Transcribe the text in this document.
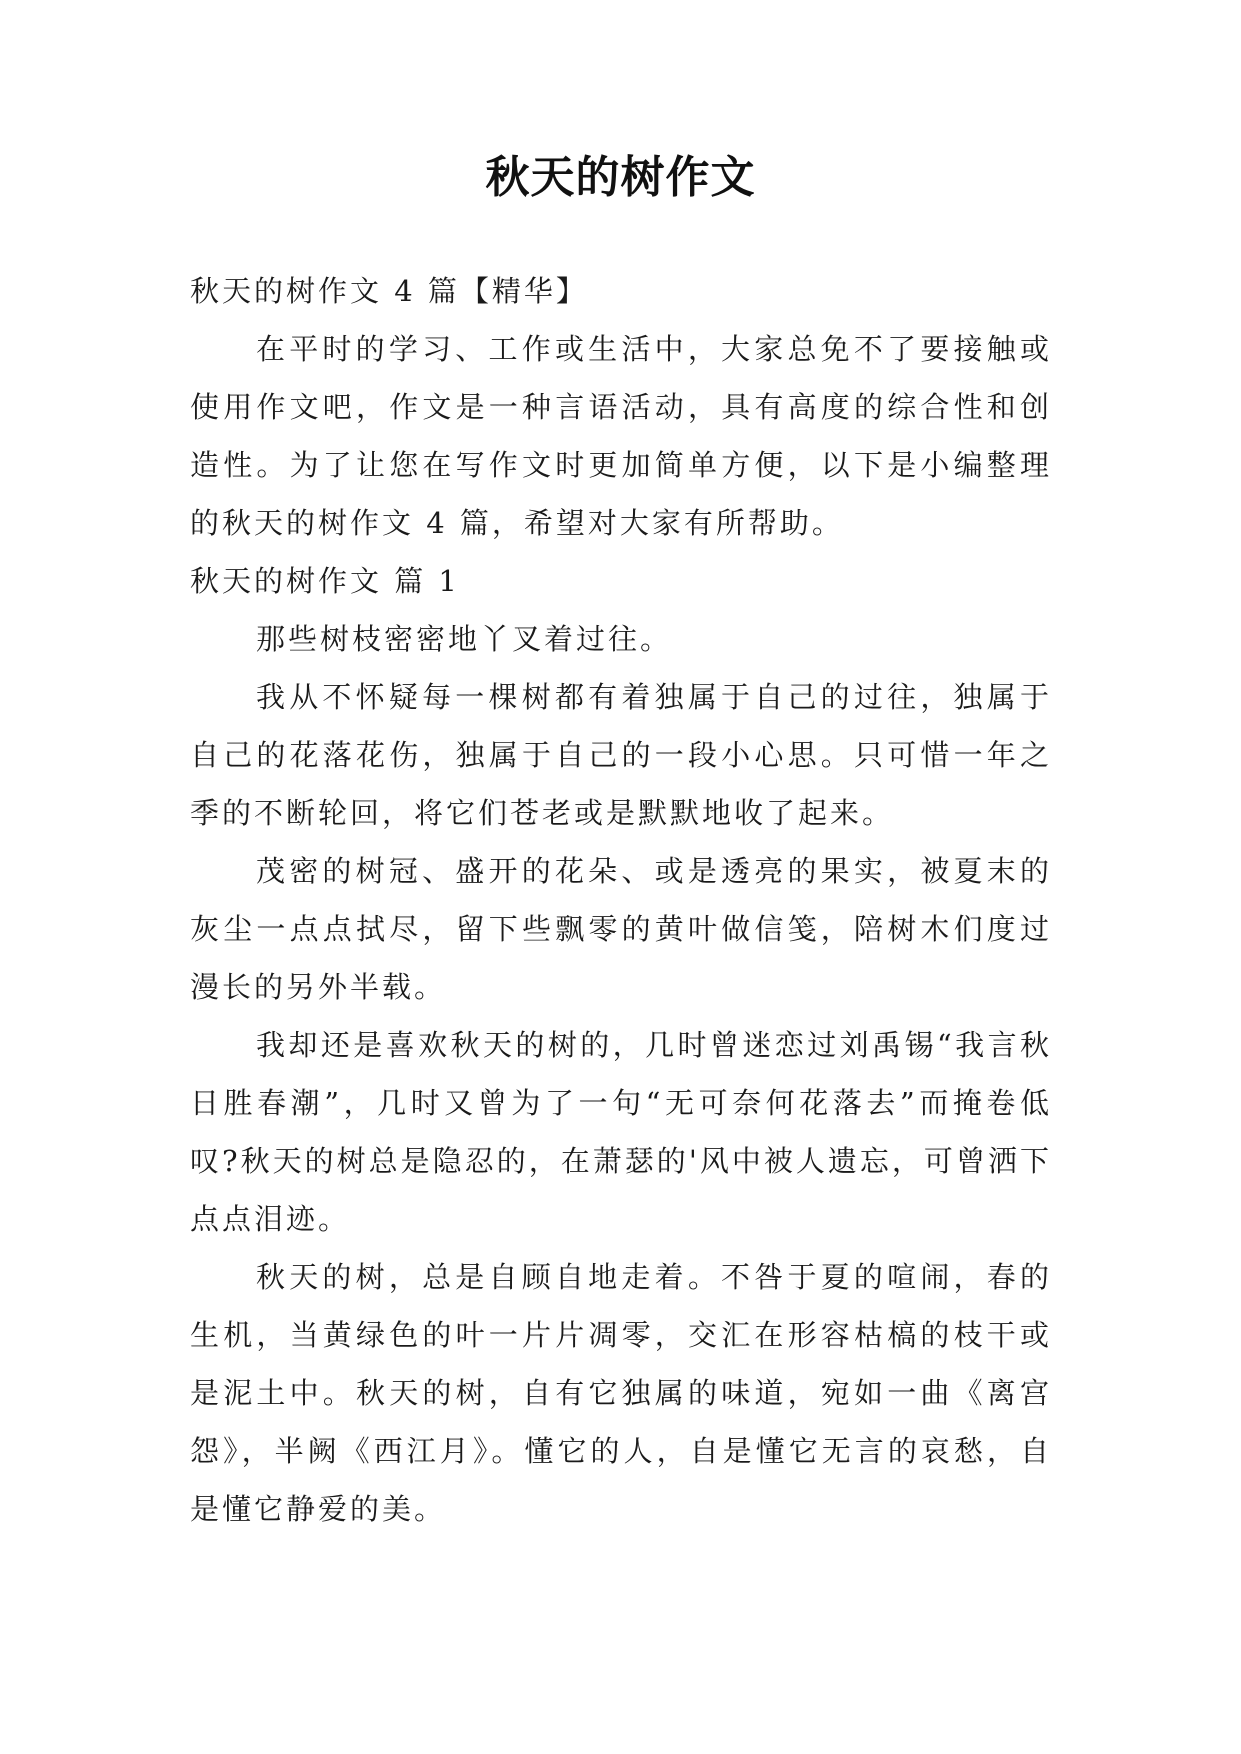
秋天的树作文

秋天的树作文 4 篇【精华】

在平时的学习、工作或生活中，大家总免不了要接触或使用作文吧，作文是一种言语活动，具有高度的综合性和创造性。为了让您在写作文时更加简单方便，以下是小编整理的秋天的树作文 4 篇，希望对大家有所帮助。

秋天的树作文 篇 1

那些树枝密密地丫叉着过往。

我从不怀疑每一棵树都有着独属于自己的过往，独属于自己的花落花伤，独属于自己的一段小心思。只可惜一年之季的不断轮回，将它们苍老或是默默地收了起来。

茂密的树冠、盛开的花朵、或是透亮的果实，被夏末的灰尘一点点拭尽，留下些飘零的黄叶做信笺，陪树木们度过漫长的另外半载。

我却还是喜欢秋天的树的，几时曾迷恋过刘禹锡“我言秋日胜春潮”，几时又曾为了一句“无可奈何花落去”而掩卷低叹?秋天的树总是隐忍的，在萧瑟的'风中被人遗忘，可曾洒下点点泪迹。

秋天的树，总是自顾自地走着。不咎于夏的喧闹，春的生机，当黄绿色的叶一片片凋零，交汇在形容枯槁的枝干或是泥土中。秋天的树，自有它独属的味道，宛如一曲《离宫怨》，半阙《西江月》。懂它的人，自是懂它无言的哀愁，自是懂它静爱的美。
